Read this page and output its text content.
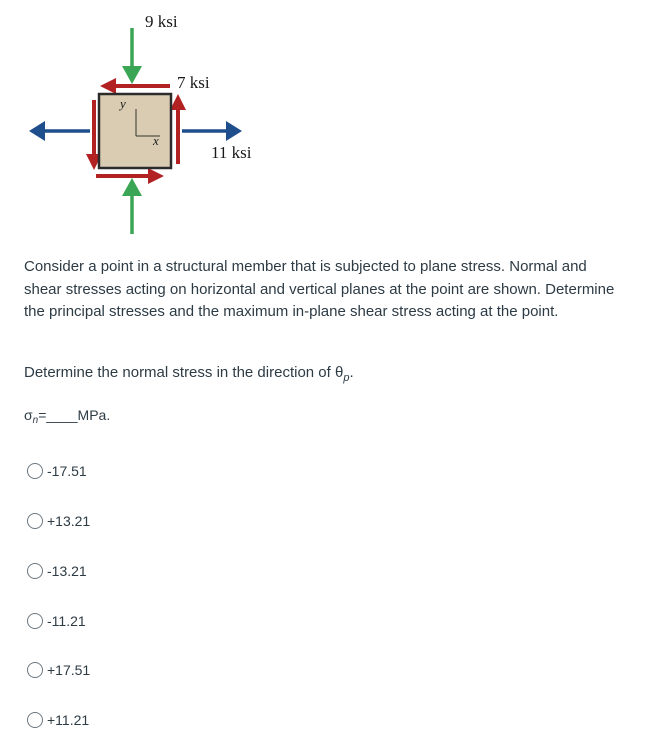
9 ksi
7 ksi
11 ksi
y
x

Consider a point in a structural member that is subjected to plane stress. Normal and shear stresses acting on horizontal and vertical planes at the point are shown. Determine the principal stresses and the maximum in-plane shear stress acting at the point.

Determine the normal stress in the direction of $\theta_p$.

$\sigma_n=\_\_\_\_MPa$.
-17.51
+13.21
-13.21
-11.21
+17.51
+11.21
